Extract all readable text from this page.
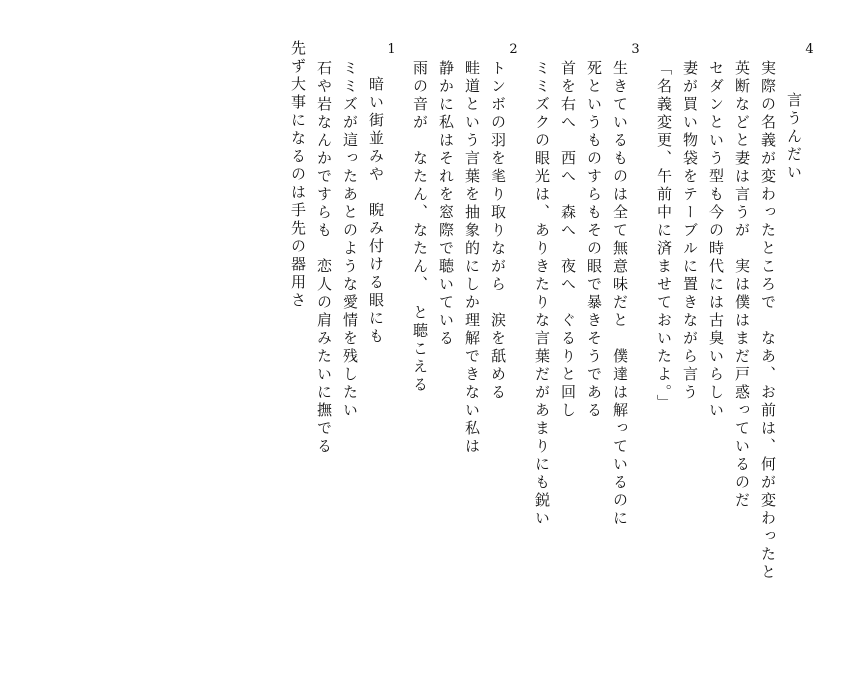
先ず大事になるのは手先の器用さ 石や岩なんかですらも　恋人の肩みたいに撫でる ミミズが這ったあとのような愛情を残したい 暗い街並みや　睨み付ける眼にも
1
雨の音が　なたん、なたん、　と聴こえる 静かに私はそれを窓際で聴いている 畦道という言葉を抽象的にしか理解できない私は トンボの羽を毟り取りながら　涙を舐める
2
ミミズクの眼光は、ありきたりな言葉だがあまりにも鋭い 首を右へ　西へ　森へ　夜へ　ぐるりと回し 死というものすらもその眼で暴きそうである 生きているものは全て無意味だと　僕達は解っているのに
3
「名義変更、午前中に済ませておいたよ。」 妻が買い物袋をテーブルに置きながら言う セダンという型も今の時代には古臭いらしい 英断などと妻は言うが　実は僕はまだ戸惑っているのだ 実際の名義が変わったところで　なあ、お前は、何が変わったと 言うんだい
4
